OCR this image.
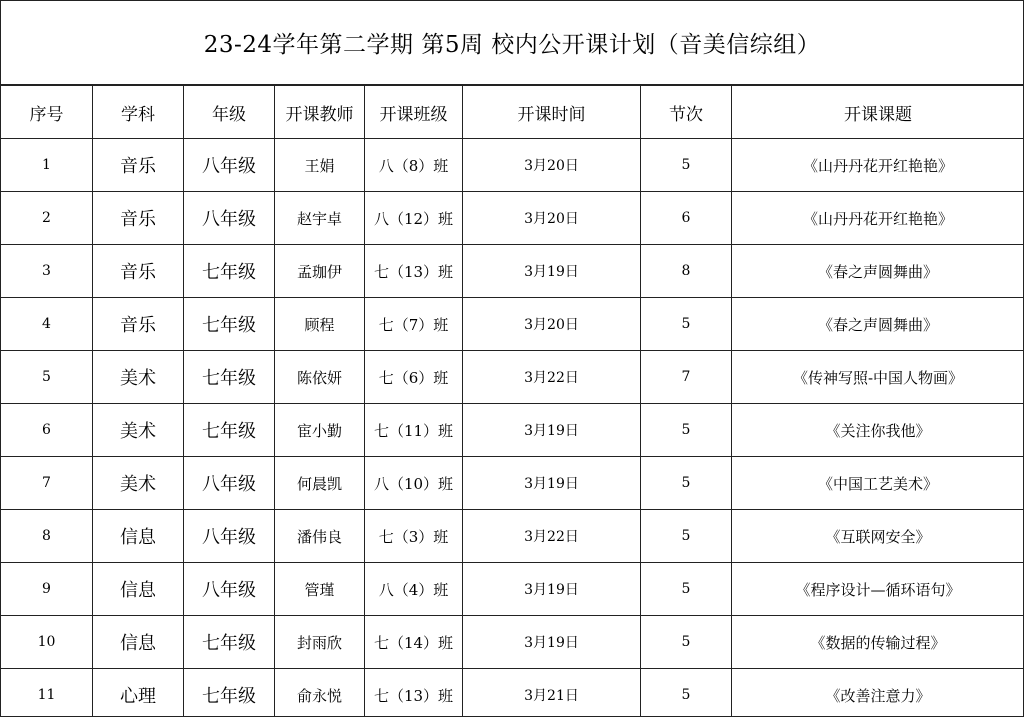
23-24学年第二学期 第5周 校内公开课计划（音美信综组）
序号	学科	年级	开课教师	开课班级	开课时间	节次	开课课题
1	音乐	八年级	王娟	八（8）班	3月20日	5	《山丹丹花开红艳艳》
2	音乐	八年级	赵宇卓	八（12）班	3月20日	6	《山丹丹花开红艳艳》
3	音乐	七年级	孟珈伊	七（13）班	3月19日	8	《春之声圆舞曲》
4	音乐	七年级	顾程	七（7）班	3月20日	5	《春之声圆舞曲》
5	美术	七年级	陈依妍	七（6）班	3月22日	7	《传神写照-中国人物画》
6	美术	七年级	宦小勤	七（11）班	3月19日	5	《关注你我他》
7	美术	八年级	何晨凯	八（10）班	3月19日	5	《中国工艺美术》
8	信息	八年级	潘伟良	七（3）班	3月22日	5	《互联网安全》
9	信息	八年级	管瑾	八（4）班	3月19日	5	《程序设计—循环语句》
10	信息	七年级	封雨欣	七（14）班	3月19日	5	《数据的传输过程》
11	心理	七年级	俞永悦	七（13）班	3月21日	5	《改善注意力》
